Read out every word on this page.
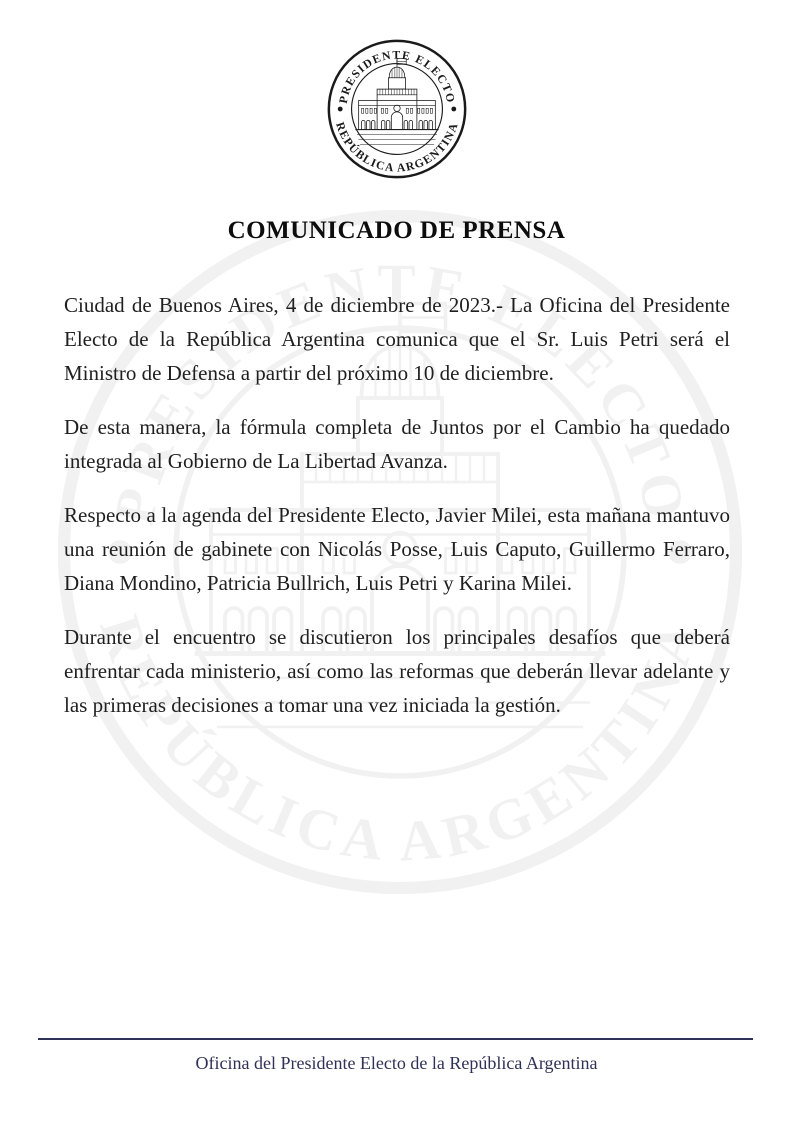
COMUNICADO DE PRENSA

Ciudad de Buenos Aires, 4 de diciembre de 2023.- La Oficina del Presidente Electo de la República Argentina comunica que el Sr. Luis Petri será el Ministro de Defensa a partir del próximo 10 de diciembre.

De esta manera, la fórmula completa de Juntos por el Cambio ha quedado integrada al Gobierno de La Libertad Avanza.

Respecto a la agenda del Presidente Electo, Javier Milei, esta mañana mantuvo una reunión de gabinete con Nicolás Posse, Luis Caputo, Guillermo Ferraro, Diana Mondino, Patricia Bullrich, Luis Petri y Karina Milei.

Durante el encuentro se discutieron los principales desafíos que deberá enfrentar cada ministerio, así como las reformas que deberán llevar adelante y las primeras decisiones a tomar una vez iniciada la gestión.

Oficina del Presidente Electo de la República Argentina
